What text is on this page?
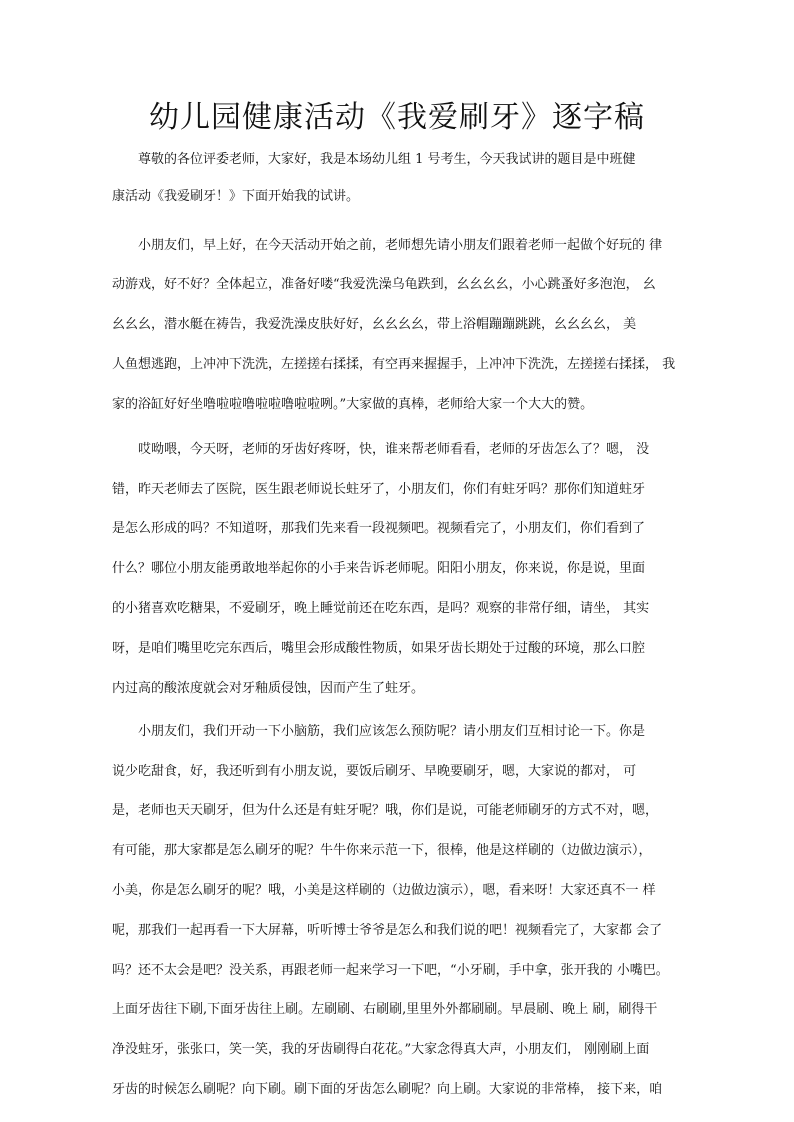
幼儿园健康活动《我爱刷牙》逐字稿
尊敬的各位评委老师，大家好，我是本场幼儿组 1 号考生，今天我试讲的题目是中班健
康活动《我爱刷牙！》下面开始我的试讲。
小朋友们，早上好，在今天活动开始之前，老师想先请小朋友们跟着老师一起做个好玩的 律
动游戏，好不好？全体起立，准备好喽“我爱洗澡乌龟跌到，幺幺幺幺，小心跳蚤好多泡泡， 幺
幺幺幺，潜水艇在祷告，我爱洗澡皮肤好好，幺幺幺幺，带上浴帽蹦蹦跳跳，幺幺幺幺， 美
人鱼想逃跑，上冲冲下洗洗，左搓搓右揉揉，有空再来握握手，上冲冲下洗洗，左搓搓右揉揉， 我
家的浴缸好好坐噜啦啦噜啦啦噜啦啦咧。”大家做的真棒，老师给大家一个大大的赞。
哎呦喂，今天呀，老师的牙齿好疼呀，快，谁来帮老师看看，老师的牙齿怎么了？嗯， 没
错，昨天老师去了医院，医生跟老师说长蛀牙了，小朋友们，你们有蛀牙吗？那你们知道蛀牙
是怎么形成的吗？不知道呀，那我们先来看一段视频吧。视频看完了，小朋友们，你们看到了
什么？哪位小朋友能勇敢地举起你的小手来告诉老师呢。阳阳小朋友，你来说，你是说，里面
的小猪喜欢吃糖果，不爱刷牙，晚上睡觉前还在吃东西，是吗？观察的非常仔细，请坐， 其实
呀，是咱们嘴里吃完东西后，嘴里会形成酸性物质，如果牙齿长期处于过酸的环境，那么口腔
内过高的酸浓度就会对牙釉质侵蚀，因而产生了蛀牙。
小朋友们，我们开动一下小脑筋，我们应该怎么预防呢？请小朋友们互相讨论一下。你是
说少吃甜食，好，我还听到有小朋友说，要饭后刷牙、早晚要刷牙，嗯，大家说的都对， 可
是，老师也天天刷牙，但为什么还是有蛀牙呢？哦，你们是说，可能老师刷牙的方式不对，嗯，
有可能，那大家都是怎么刷牙的呢？牛牛你来示范一下，很棒，他是这样刷的（边做边演示），
小美，你是怎么刷牙的呢？哦，小美是这样刷的（边做边演示），嗯，看来呀！大家还真不一 样
呢，那我们一起再看一下大屏幕，听听博士爷爷是怎么和我们说的吧！视频看完了，大家都 会了
吗？还不太会是吧？没关系，再跟老师一起来学习一下吧，“小牙刷，手中拿，张开我的 小嘴巴。
上面牙齿往下刷,下面牙齿往上刷。左刷刷、右刷刷,里里外外都刷刷。早晨刷、晚上 刷，刷得干
净没蛀牙，张张口，笑一笑，我的牙齿刷得白花花。”大家念得真大声，小朋友们， 刚刚刷上面
牙齿的时候怎么刷呢？向下刷。刷下面的牙齿怎么刷呢？向上刷。大家说的非常棒， 接下来，咱
